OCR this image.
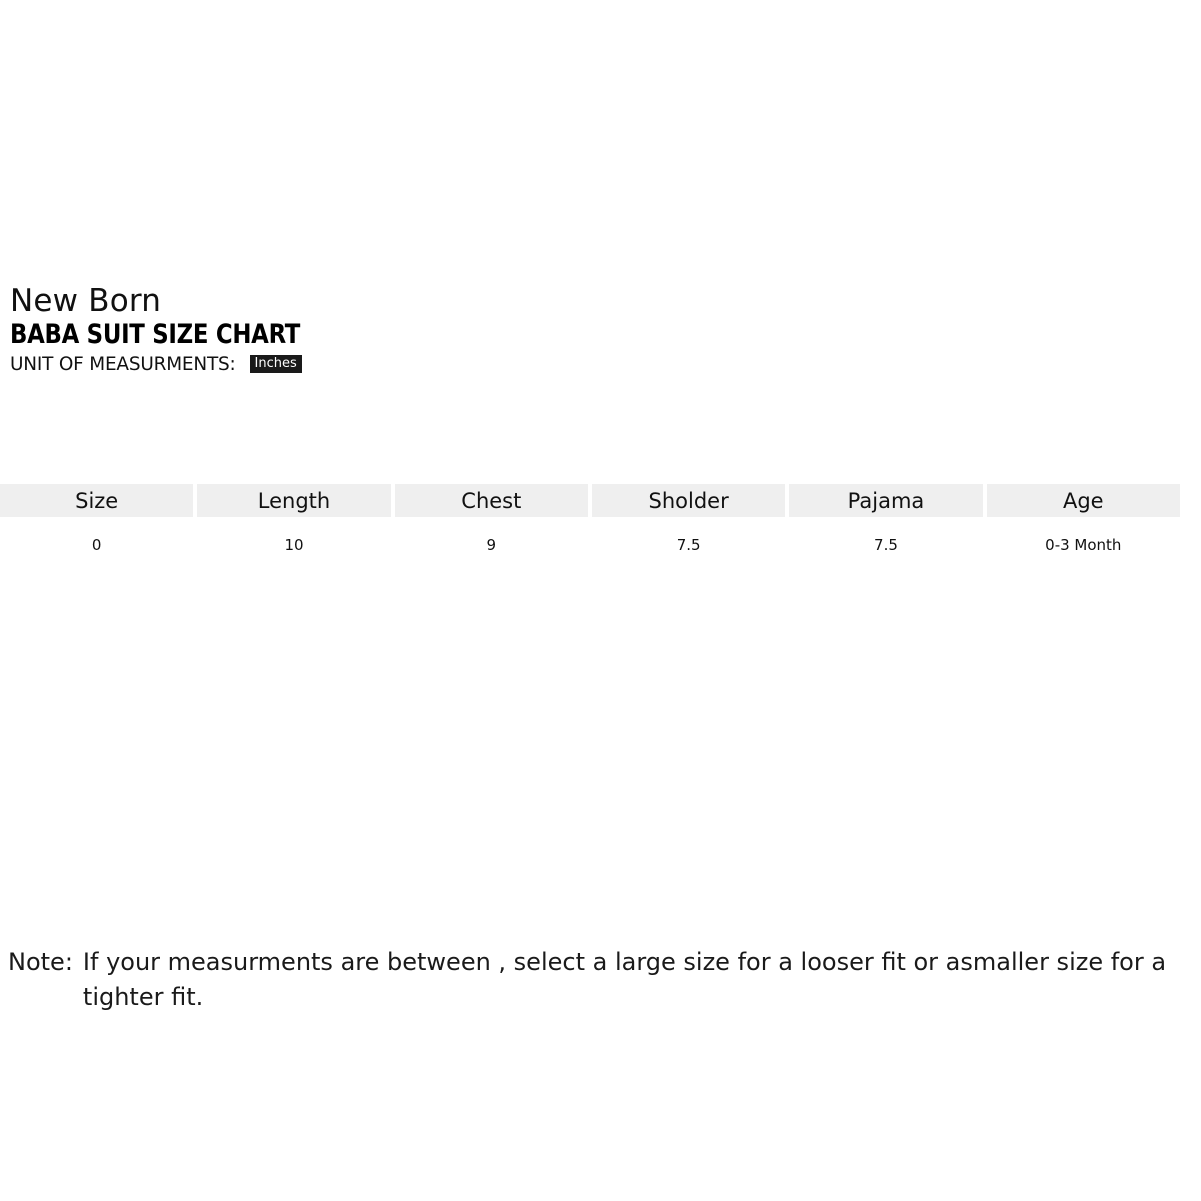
New Born
BABA SUIT SIZE CHART
UNIT OF MEASURMENTS:	Inches
Size	Length	Chest	Sholder	Pajama	Age
0	10	9	7.5	7.5	0-3 Month
Note: If your measurments are between , select a large size for a looser fit or asmaller size for a tighter fit.
